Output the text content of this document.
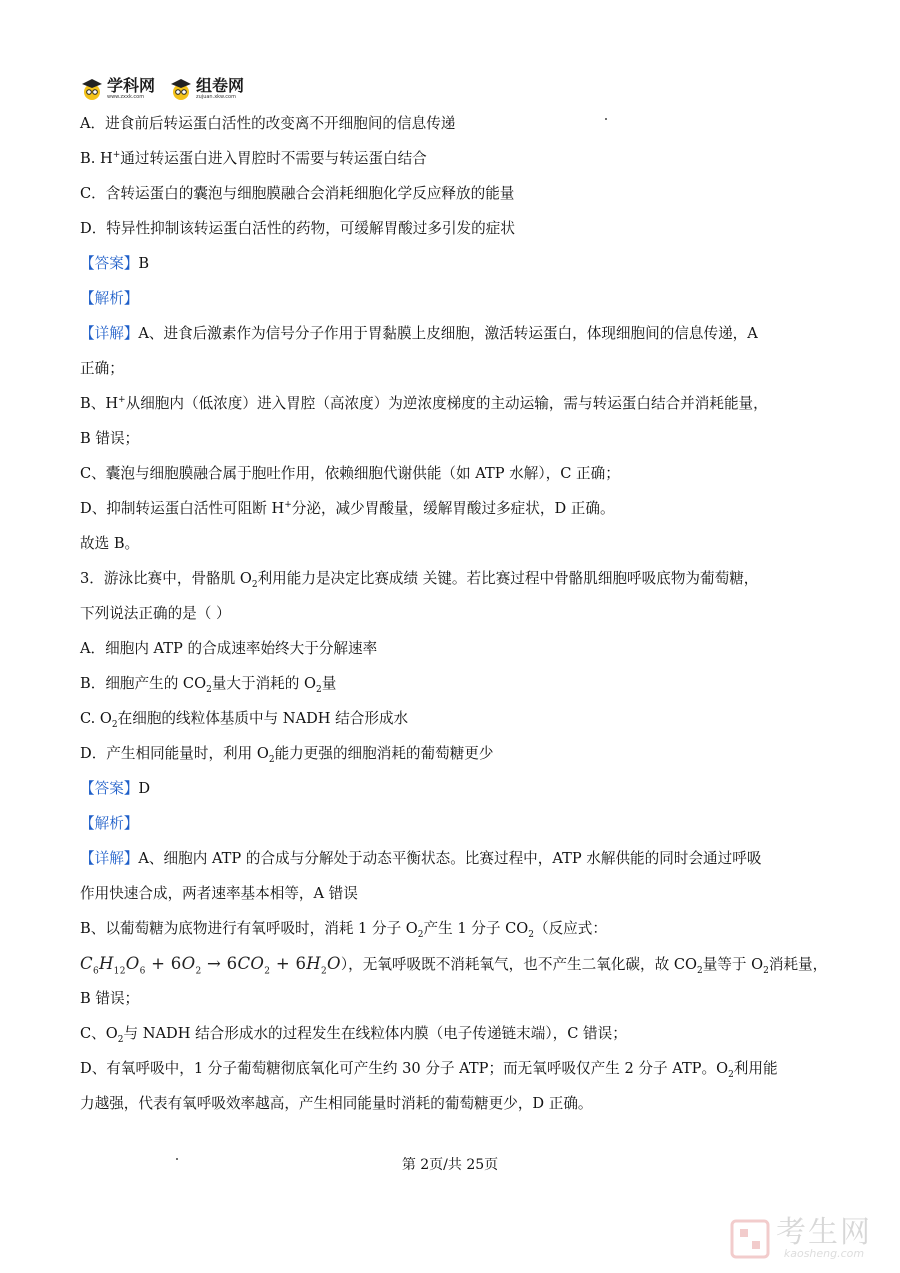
学科网
www.zxxk.com
组卷网
zujuan.xkw.com
A．进食前后转运蛋白活性的改变离不开细胞间的信息传递
B. H+通过转运蛋白进入胃腔时不需要与转运蛋白结合
C．含转运蛋白的囊泡与细胞膜融合会消耗细胞化学反应释放的能量
D．特异性抑制该转运蛋白活性的药物，可缓解胃酸过多引发的症状
【答案】B
【解析】
【详解】A、进食后激素作为信号分子作用于胃黏膜上皮细胞，激活转运蛋白，体现细胞间的信息传递，A
正确；
B、H+从细胞内（低浓度）进入胃腔（高浓度）为逆浓度梯度的主动运输，需与转运蛋白结合并消耗能量，
B 错误；
C、囊泡与细胞膜融合属于胞吐作用，依赖细胞代谢供能（如 ATP 水解），C 正确；
D、抑制转运蛋白活性可阻断 H+分泌，减少胃酸量，缓解胃酸过多症状，D 正确。
故选 B。
3．游泳比赛中，骨骼肌 $O_2$利用能力是决定比赛成绩 关键。若比赛过程中骨骼肌细胞呼吸底物为葡萄糖，
下列说法正确的是（ ）
A．细胞内 ATP 的合成速率始终大于分解速率
B．细胞产生的 $CO_2$量大于消耗的 $O_2$量
C. $O_2$在细胞的线粒体基质中与 NADH 结合形成水
D．产生相同能量时，利用 $O_2$能力更强的细胞消耗的葡萄糖更少
【答案】D
【解析】
【详解】A、细胞内 ATP 的合成与分解处于动态平衡状态。比赛过程中，ATP 水解供能的同时会通过呼吸
作用快速合成，两者速率基本相等，A 错误
B、以葡萄糖为底物进行有氧呼吸时，消耗 1 分子 $O_2$产生 1 分子 $CO_2$（反应式：
$C_6H_{12}O_6 + 6O_2 \to 6CO_2 + 6H_2O$），无氧呼吸既不消耗氧气，也不产生二氧化碳，故 $CO_2$量等于 $O_2$消耗量，
B 错误；
C、$O_2$与 NADH 结合形成水的过程发生在线粒体内膜（电子传递链末端），C 错误；
D、有氧呼吸中，1 分子葡萄糖彻底氧化可产生约 30 分子 ATP；而无氧呼吸仅产生 2 分子 ATP。$O_2$利用能
力越强，代表有氧呼吸效率越高，产生相同能量时消耗的葡萄糖更少，D 正确。
第 2页/共 25页
考生网
kaosheng.com
